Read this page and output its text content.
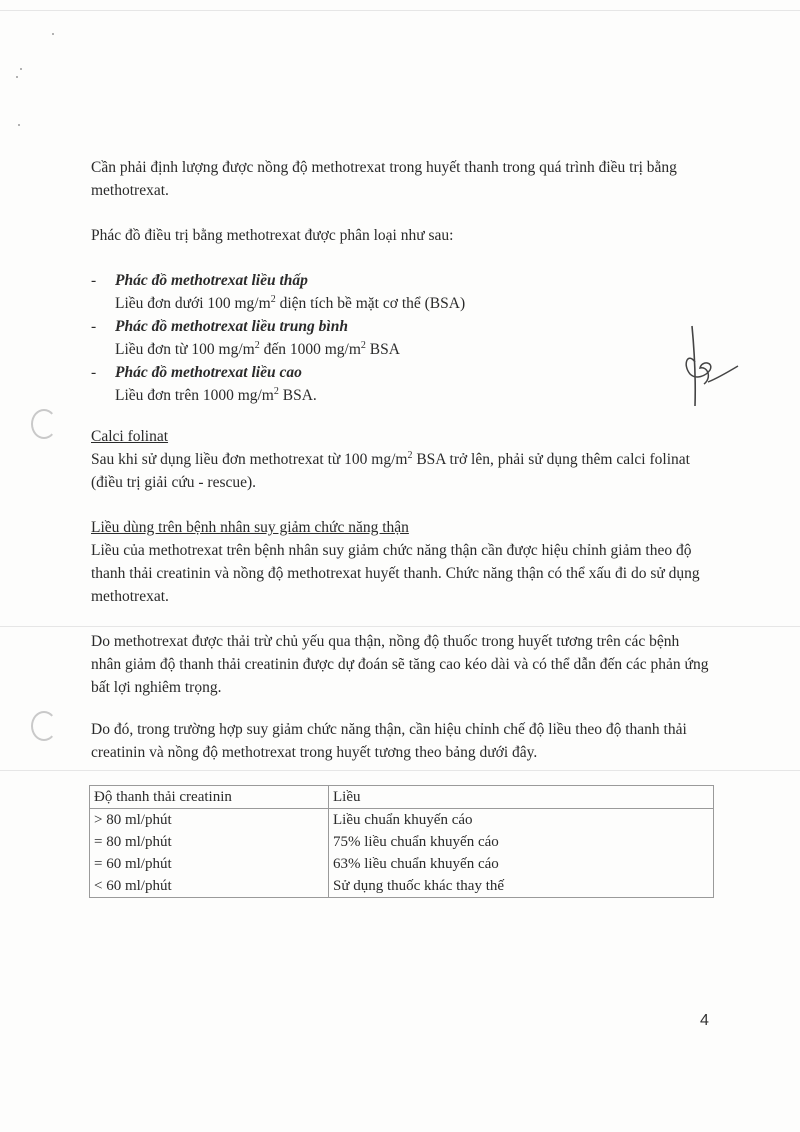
Cần phải định lượng được nồng độ methotrexat trong huyết thanh trong quá trình điều trị bằng methotrexat.

Phác đồ điều trị bằng methotrexat được phân loại như sau:

- Phác đồ methotrexat liều thấp
Liều đơn dưới 100 $mg/m^2$ diện tích bề mặt cơ thể (BSA)
- Phác đồ methotrexat liều trung bình
Liều đơn từ 100 $mg/m^2$ đến 1000 $mg/m^2$ BSA
- Phác đồ methotrexat liều cao
Liều đơn trên 1000 $mg/m^2$ BSA.
Calci folinat

Sau khi sử dụng liều đơn methotrexat từ 100 $mg/m^2$ BSA trở lên, phải sử dụng thêm calci folinat (điều trị giải cứu - rescue).

Liều dùng trên bệnh nhân suy giảm chức năng thận

Liều của methotrexat trên bệnh nhân suy giảm chức năng thận cần được hiệu chỉnh giảm theo độ thanh thải creatinin và nồng độ methotrexat huyết thanh. Chức năng thận có thể xấu đi do sử dụng methotrexat.

Do methotrexat được thải trừ chủ yếu qua thận, nồng độ thuốc trong huyết tương trên các bệnh nhân giảm độ thanh thải creatinin được dự đoán sẽ tăng cao kéo dài và có thể dẫn đến các phản ứng bất lợi nghiêm trọng.

Do đó, trong trường hợp suy giảm chức năng thận, cần hiệu chỉnh chế độ liều theo độ thanh thải creatinin và nồng độ methotrexat trong huyết tương theo bảng dưới đây.

Độ thanh thải creatinin	Liều
> 80 ml/phút	Liều chuẩn khuyến cáo
= 80 ml/phút	75% liều chuẩn khuyến cáo
= 60 ml/phút	63% liều chuẩn khuyến cáo
< 60 ml/phút	Sử dụng thuốc khác thay thế
4
